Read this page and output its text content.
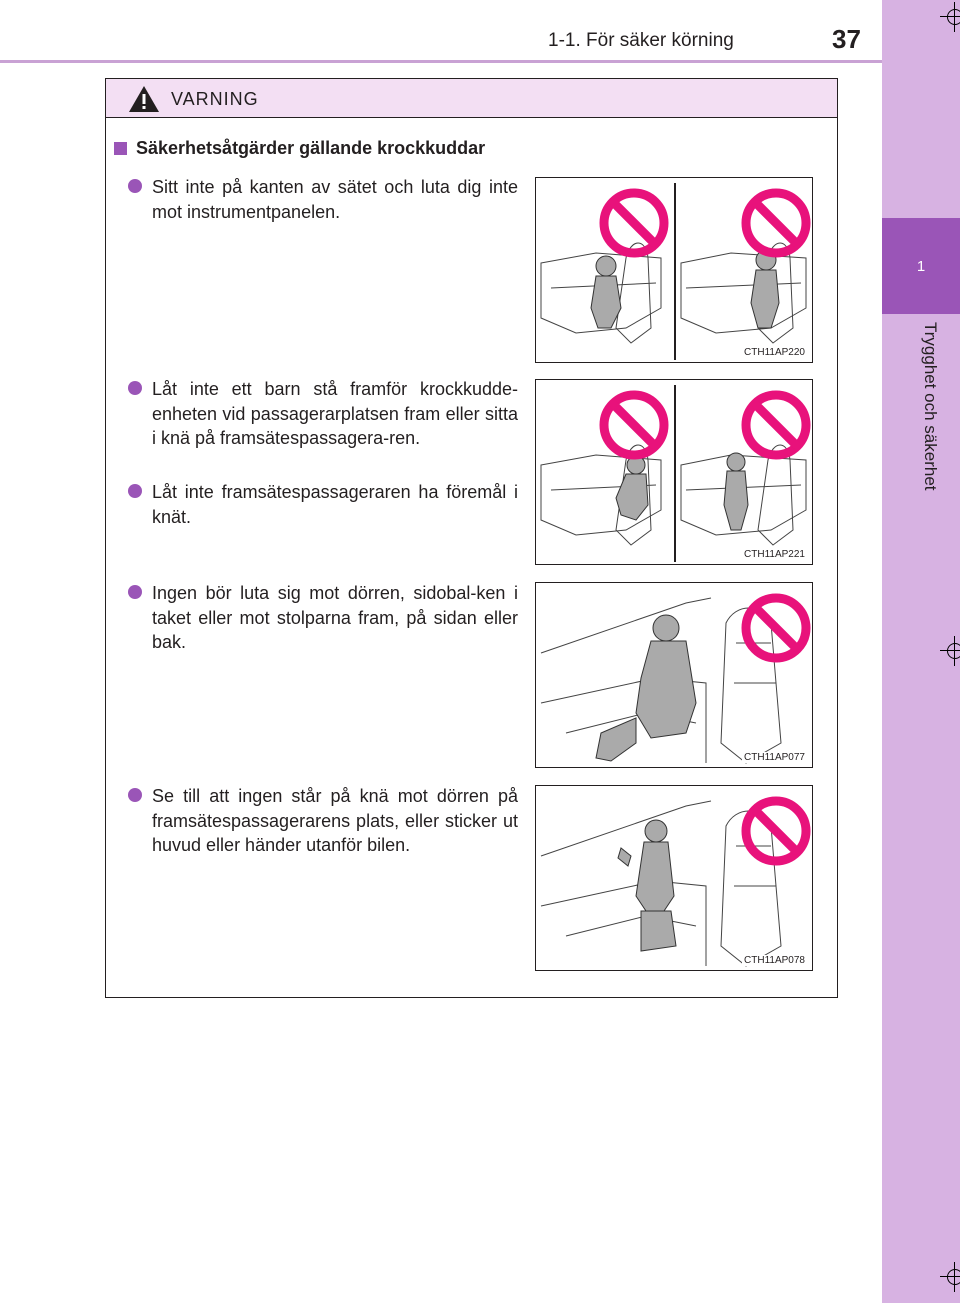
1-1. För säker körning	37
1
Trygghet och säkerhet
VARNING
Säkerhetsåtgärder gällande krockkuddar
Sitt inte på kanten av sätet och luta dig inte mot instrumentpanelen.
Låt inte ett barn stå framför krockkudde-enheten vid passagerarplatsen fram eller sitta i knä på framsätespassagera-ren.
Låt inte framsätespassageraren ha föremål i knät.
Ingen bör luta sig mot dörren, sidobal-ken i taket eller mot stolparna fram, på sidan eller bak.
Se till att ingen står på knä mot dörren på framsätespassagerarens plats, eller sticker ut huvud eller händer utanför bilen.
CTH11AP220
CTH11AP221
CTH11AP077
CTH11AP078
